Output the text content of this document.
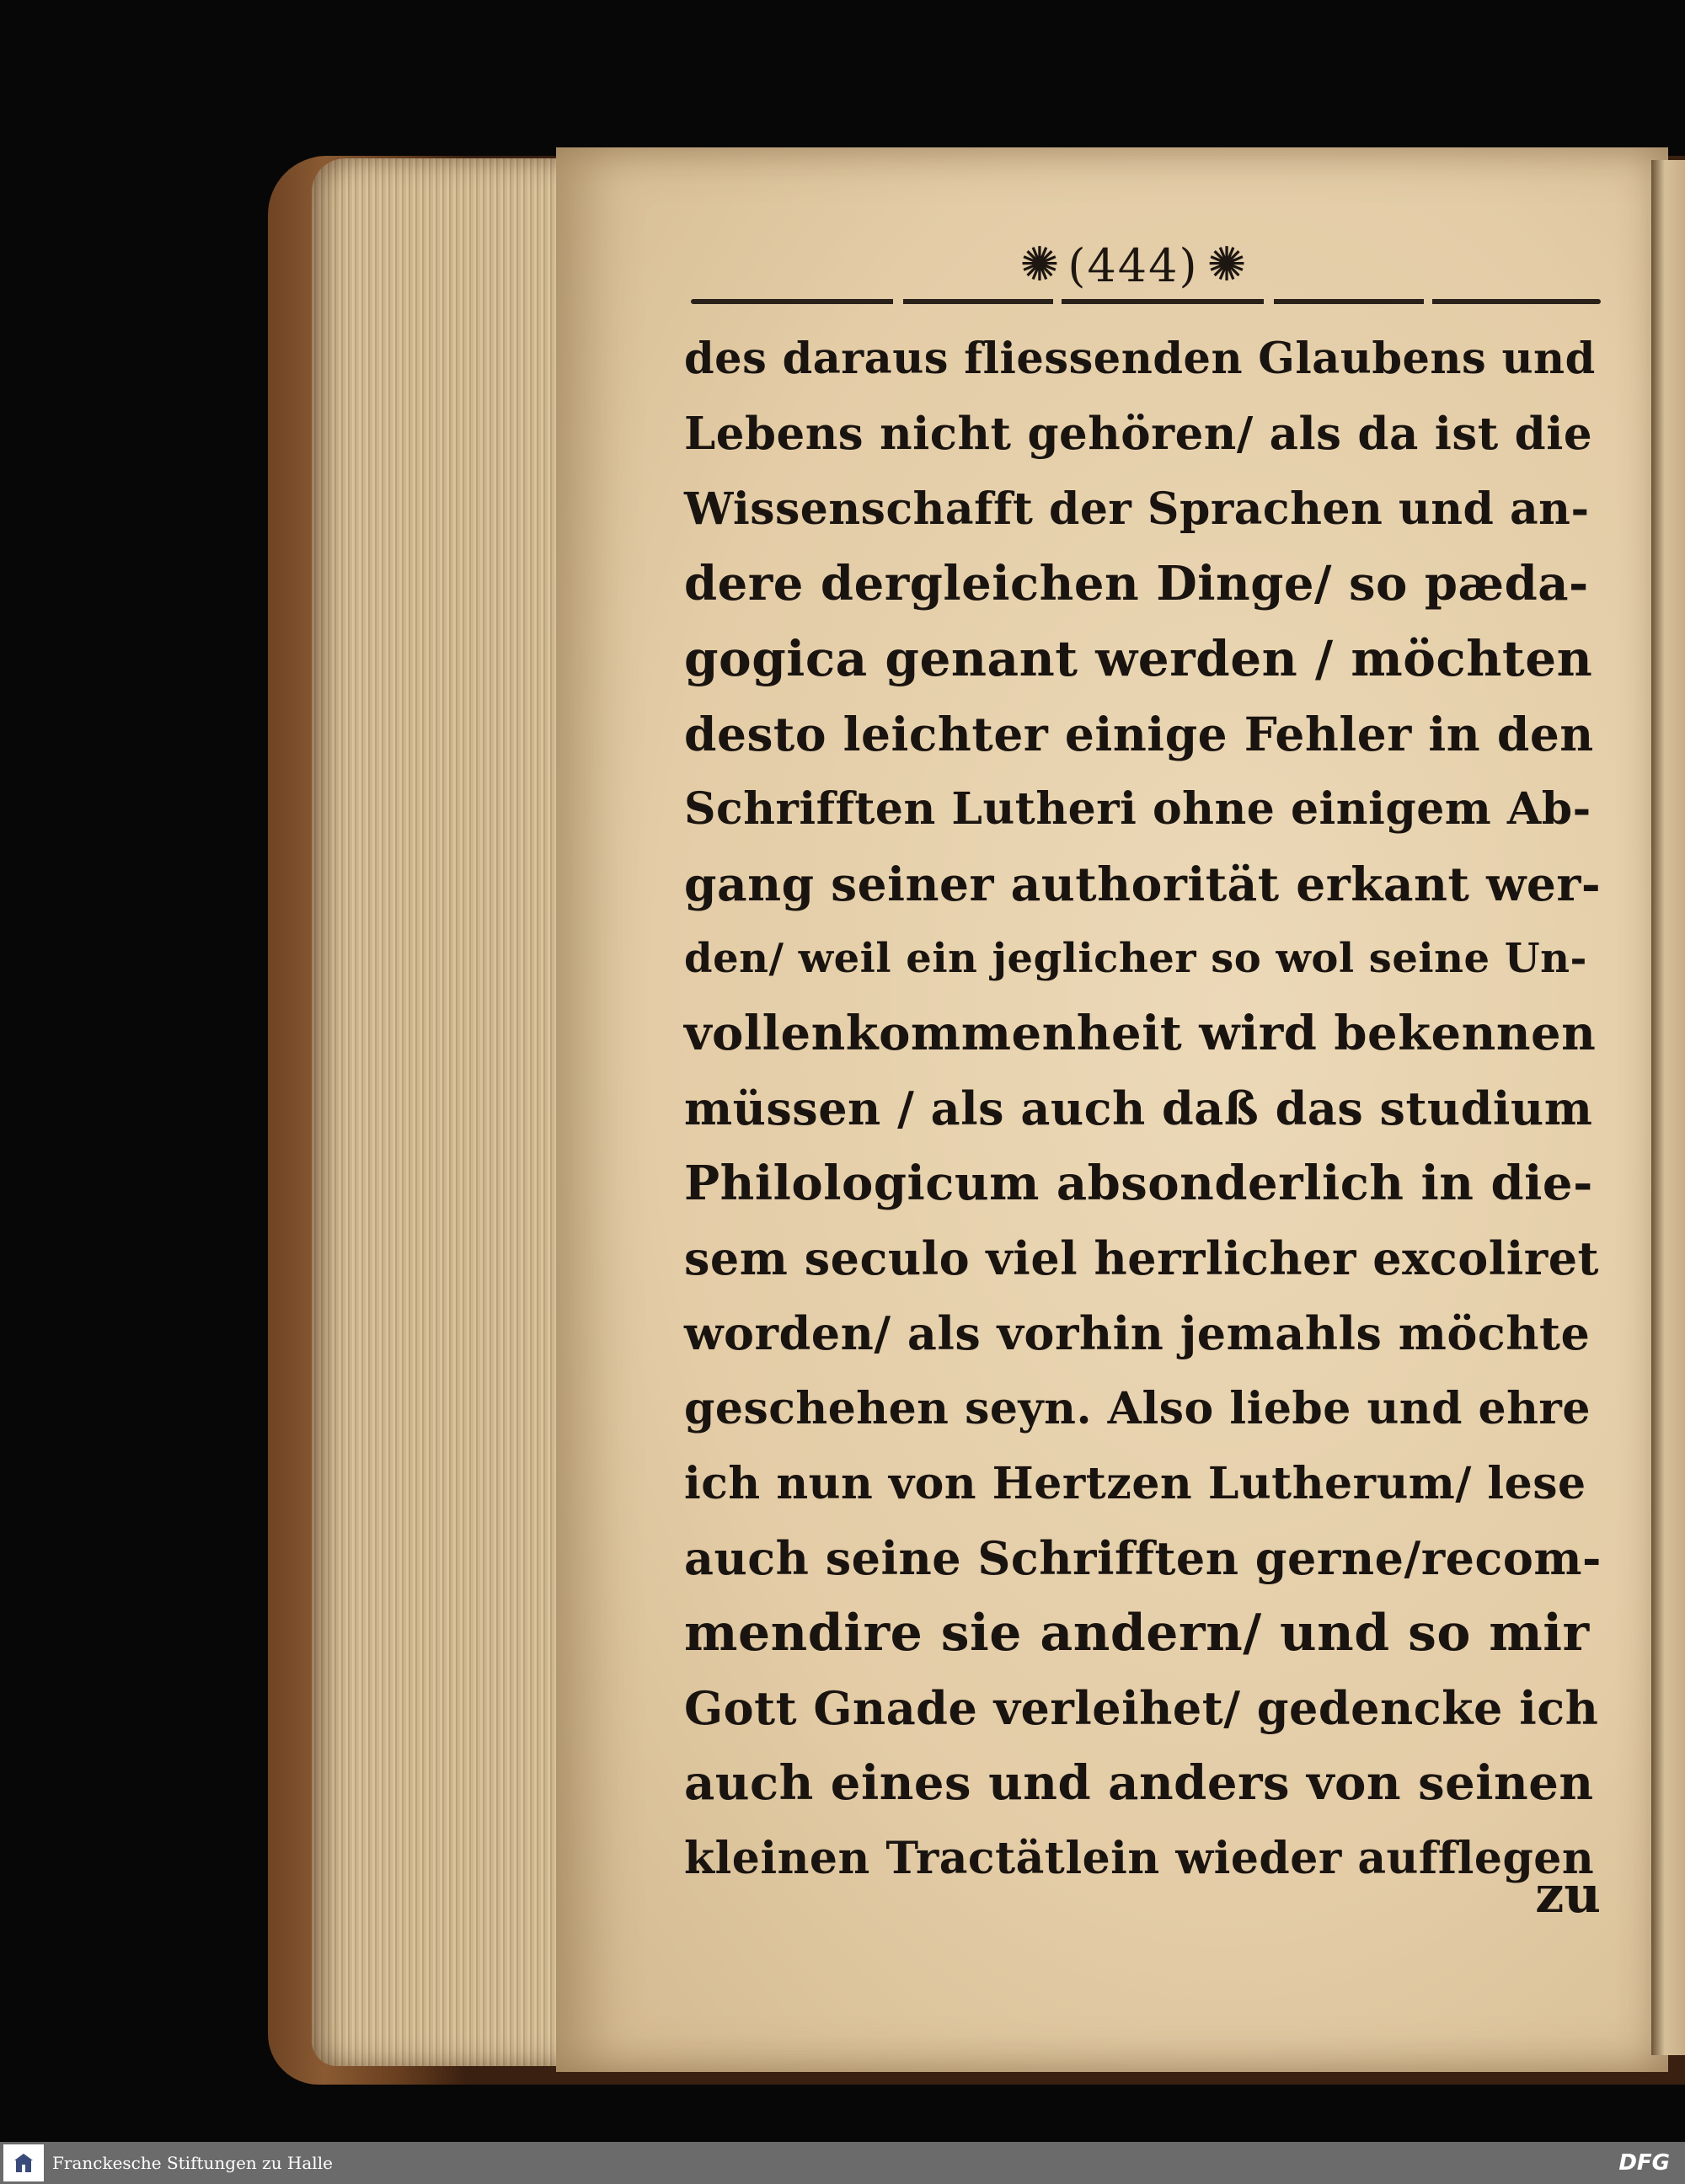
✺ (444) ✺
des daraus fliessenden Glaubens und
Lebens nicht gehören/ als da ist die
Wissenschafft der Sprachen und an-
dere dergleichen Dinge/ so pæda-
gogica genant werden / möchten
desto leichter einige Fehler in den
Schrifften Lutheri ohne einigem Ab-
gang seiner authorität erkant wer-
den/ weil ein jeglicher so wol seine Un-
vollenkommenheit wird bekennen
müssen / als auch daß das studium
Philologicum absonderlich in die-
sem seculo viel herrlicher excoliret
worden/ als vorhin jemahls möchte
geschehen seyn. Also liebe und ehre
ich nun von Hertzen Lutherum/ lese
auch seine Schrifften gerne/recom-
mendire sie andern/ und so mir
Gott Gnade verleihet/ gedencke ich
auch eines und anders von seinen
kleinen Tractätlein wieder aufflegen
zu
Franckesche Stiftungen zu Halle	DFG
